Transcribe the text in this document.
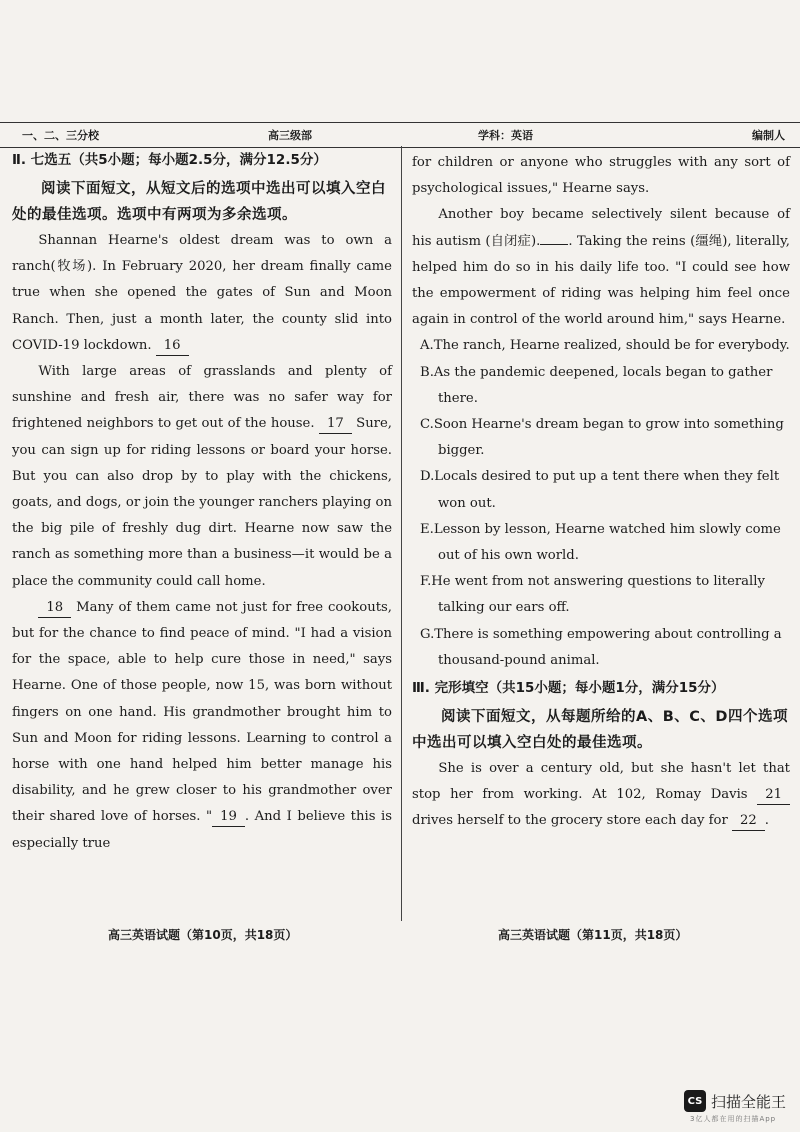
一、二、三分校	高三级部	学科：英语	编制人
Ⅱ. 七选五（共5小题；每小题2.5分，满分12.5分）

阅读下面短文，从短文后的选项中选出可以填入空白处的最佳选项。选项中有两项为多余选项。

Shannan Hearne's oldest dream was to own a ranch(牧场). In February 2020, her dream finally came true when she opened the gates of Sun and Moon Ranch. Then, just a month later, the county slid into COVID-19 lockdown. 16

With large areas of grasslands and plenty of sunshine and fresh air, there was no safer way for frightened neighbors to get out of the house. 17 Sure, you can sign up for riding lessons or board your horse. But you can also drop by to play with the chickens, goats, and dogs, or join the younger ranchers playing on the big pile of freshly dug dirt. Hearne now saw the ranch as something more than a business—it would be a place the community could call home.

18 Many of them came not just for free cookouts, but for the chance to find peace of mind. "I had a vision for the space, able to help cure those in need," says Hearne. One of those people, now 15, was born without fingers on one hand. His grandmother brought him to Sun and Moon for riding lessons. Learning to control a horse with one hand helped him better manage his disability, and he grew closer to his grandmother over their shared love of horses. " 19 . And I believe this is especially true

for children or anyone who struggles with any sort of psychological issues," Hearne says.

Another boy became selectively silent because of his autism (自闭症). . Taking the reins (缰绳), literally, helped him do so in his daily life too. "I could see how the empowerment of riding was helping him feel once again in control of the world around him," says Hearne.

A.The ranch, Hearne realized, should be for everybody.

B.As the pandemic deepened, locals began to gather there.

C.Soon Hearne's dream began to grow into something bigger.

D.Locals desired to put up a tent there when they felt won out.

E.Lesson by lesson, Hearne watched him slowly come out of his own world.

F.He went from not answering questions to literally talking our ears off.

G.There is something empowering about controlling a thousand-pound animal.

Ⅲ. 完形填空（共15小题；每小题1分，满分15分）

阅读下面短文，从每题所给的A、B、C、D四个选项中选出可以填入空白处的最佳选项。

She is over a century old, but she hasn't let that stop her from working. At 102, Romay Davis 21 drives herself to the grocery store each day for 22 .

高三英语试题（第10页，共18页）	高三英语试题（第11页，共18页）
CS 扫描全能王
3亿人都在用的扫描App
